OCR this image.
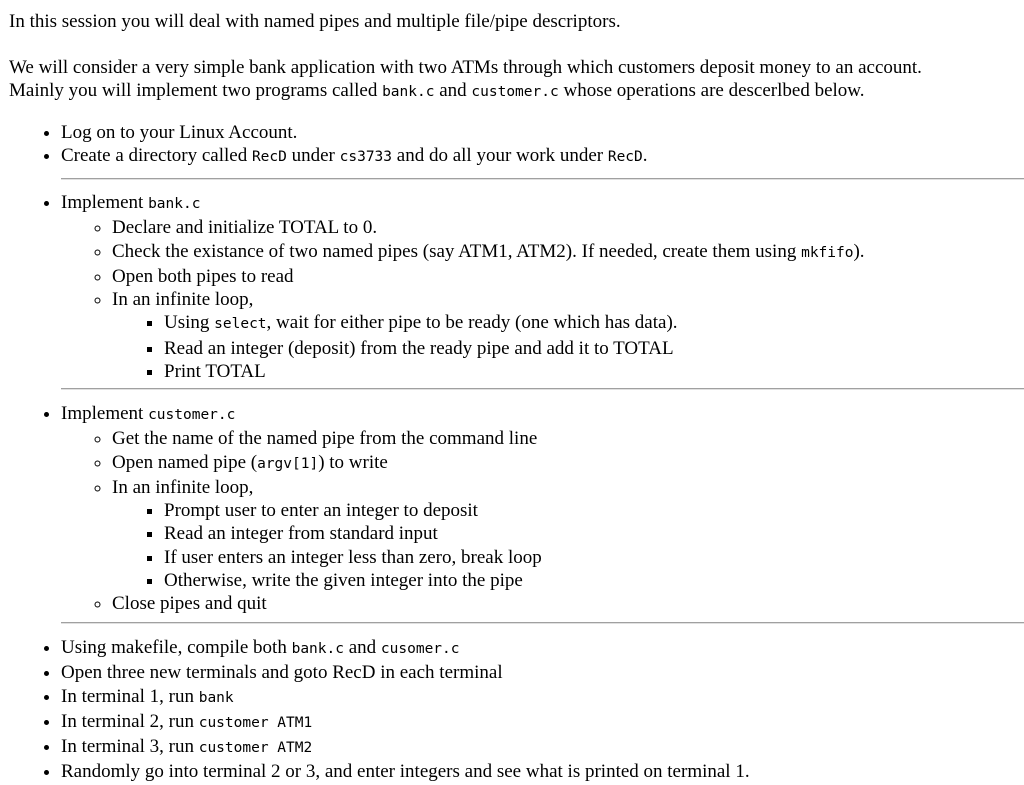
In this session you will deal with named pipes and multiple file/pipe descriptors.
We will consider a very simple bank application with two ATMs through which customers deposit money to an account.
Mainly you will implement two programs called bank.c and customer.c whose operations are descerlbed below.
• Log on to your Linux Account.
• Create a directory called RecD under cs3733 and do all your work under RecD.
• Implement bank.c
◦ Declare and initialize TOTAL to 0.
◦ Check the existance of two named pipes (say ATM1, ATM2). If needed, create them using mkfifo).
◦ Open both pipes to read
◦ In an infinite loop,
▪ Using select, wait for either pipe to be ready (one which has data).
▪ Read an integer (deposit) from the ready pipe and add it to TOTAL
▪ Print TOTAL
• Implement customer.c
◦ Get the name of the named pipe from the command line
◦ Open named pipe (argv[1]) to write
◦ In an infinite loop,
▪ Prompt user to enter an integer to deposit
▪ Read an integer from standard input
▪ If user enters an integer less than zero, break loop
▪ Otherwise, write the given integer into the pipe
◦ Close pipes and quit
• Using makefile, compile both bank.c and cusomer.c
• Open three new terminals and goto RecD in each terminal
• In terminal 1, run bank
• In terminal 2, run customer ATM1
• In terminal 3, run customer ATM2
• Randomly go into terminal 2 or 3, and enter integers and see what is printed on terminal 1.
